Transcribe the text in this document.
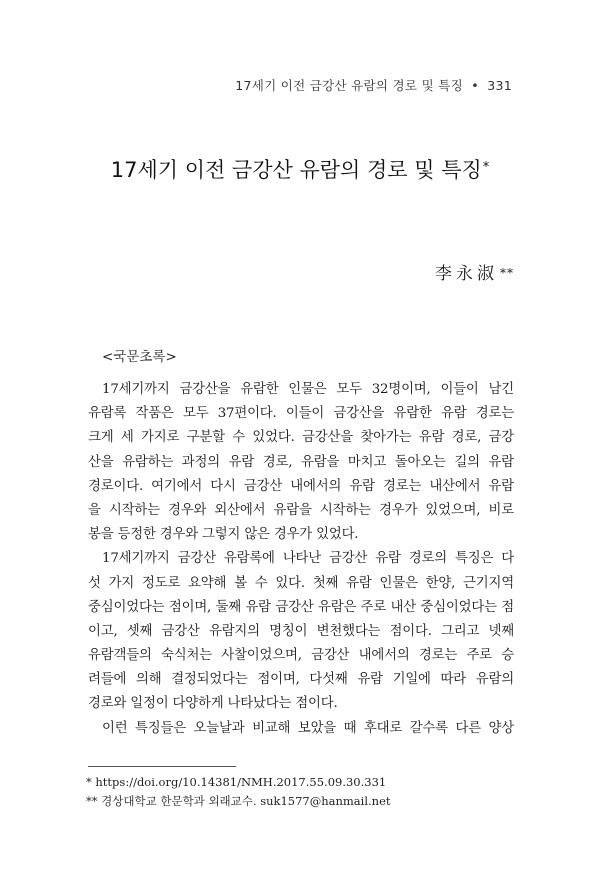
17세기 이전 금강산 유람의 경로 및 특징 • 331
17세기 이전 금강산 유람의 경로 및 특징*
李永淑 **
<국문초록>
17세기까지 금강산을 유람한 인물은 모두 32명이며, 이들이 남긴
유람록 작품은 모두 37편이다. 이들이 금강산을 유람한 유람 경로는
크게 세 가지로 구분할 수 있었다. 금강산을 찾아가는 유람 경로, 금강
산을 유람하는 과정의 유람 경로, 유람을 마치고 돌아오는 길의 유람
경로이다. 여기에서 다시 금강산 내에서의 유람 경로는 내산에서 유람
을 시작하는 경우와 외산에서 유람을 시작하는 경우가 있었으며, 비로
봉을 등정한 경우와 그렇지 않은 경우가 있었다.
17세기까지 금강산 유람록에 나타난 금강산 유람 경로의 특징은 다
섯 가지 정도로 요약해 볼 수 있다. 첫째 유람 인물은 한양, 근기지역
중심이었다는 점이며, 둘째 유람 금강산 유람은 주로 내산 중심이었다는 점
이고, 셋째 금강산 유람지의 명칭이 변천했다는 점이다. 그리고 넷째
유람객들의 숙식처는 사찰이었으며, 금강산 내에서의 경로는 주로 승
려들에 의해 결정되었다는 점이며, 다섯째 유람 기일에 따라 유람의
경로와 일정이 다양하게 나타났다는 점이다.
이런 특징들은 오늘날과 비교해 보았을 때 후대로 갈수록 다른 양상
* https://doi.org/10.14381/NMH.2017.55.09.30.331
** 경상대학교 한문학과 외래교수. suk1577@hanmail.net
